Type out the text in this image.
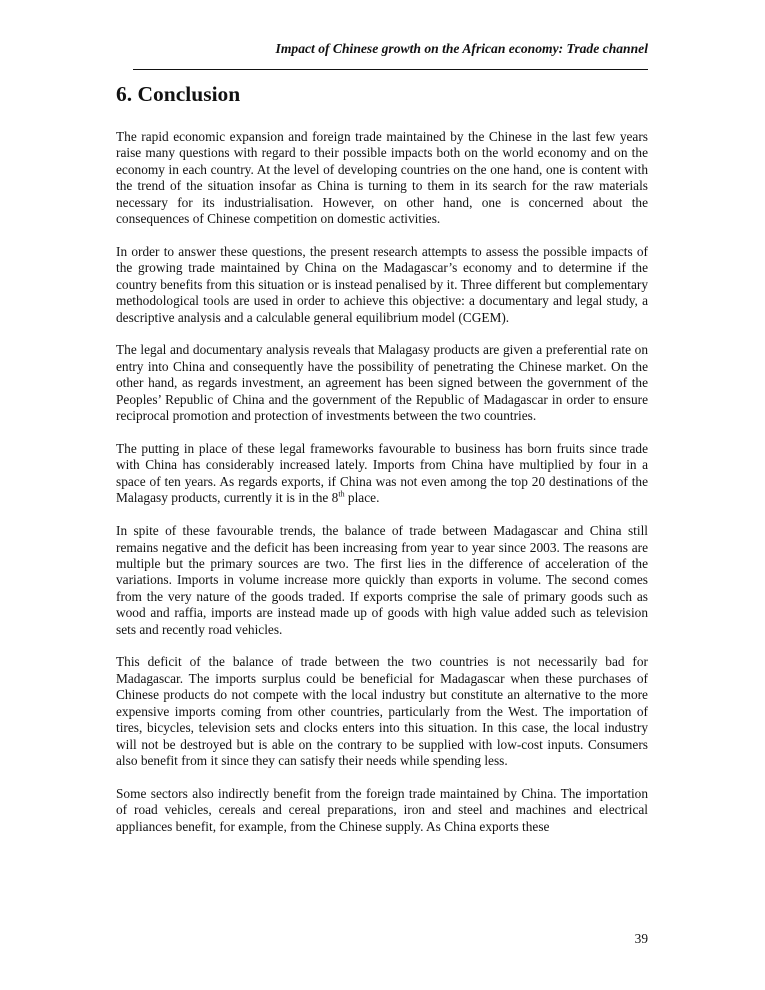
Impact of Chinese growth on the African economy: Trade channel

6. Conclusion

The rapid economic expansion and foreign trade maintained by the Chinese in the last few years raise many questions with regard to their possible impacts both on the world economy and on the economy in each country. At the level of developing countries on the one hand, one is content with the trend of the situation insofar as China is turning to them in its search for the raw materials necessary for its industrialisation. However, on other hand, one is concerned about the consequences of Chinese competition on domestic activities.

In order to answer these questions, the present research attempts to assess the possible impacts of the growing trade maintained by China on the Madagascar’s economy and to determine if the country benefits from this situation or is instead penalised by it. Three different but complementary methodological tools are used in order to achieve this objective: a documentary and legal study, a descriptive analysis and a calculable general equilibrium model (CGEM).

The legal and documentary analysis reveals that Malagasy products are given a preferential rate on entry into China and consequently have the possibility of penetrating the Chinese market. On the other hand, as regards investment, an agreement has been signed between the government of the Peoples’ Republic of China and the government of the Republic of Madagascar in order to ensure reciprocal promotion and protection of investments between the two countries.

The putting in place of these legal frameworks favourable to business has born fruits since trade with China has considerably increased lately. Imports from China have multiplied by four in a space of ten years. As regards exports, if China was not even among the top 20 destinations of the Malagasy products, currently it is in the 8th place.

In spite of these favourable trends, the balance of trade between Madagascar and China still remains negative and the deficit has been increasing from year to year since 2003. The reasons are multiple but the primary sources are two. The first lies in the difference of acceleration of the variations. Imports in volume increase more quickly than exports in volume. The second comes from the very nature of the goods traded. If exports comprise the sale of primary goods such as wood and raffia, imports are instead made up of goods with high value added such as television sets and recently road vehicles.

This deficit of the balance of trade between the two countries is not necessarily bad for Madagascar. The imports surplus could be beneficial for Madagascar when these purchases of Chinese products do not compete with the local industry but constitute an alternative to the more expensive imports coming from other countries, particularly from the West. The importation of tires, bicycles, television sets and clocks enters into this situation. In this case, the local industry will not be destroyed but is able on the contrary to be supplied with low-cost inputs. Consumers also benefit from it since they can satisfy their needs while spending less.

Some sectors also indirectly benefit from the foreign trade maintained by China. The importation of road vehicles, cereals and cereal preparations, iron and steel and machines and electrical appliances benefit, for example, from the Chinese supply. As China exports these

39
